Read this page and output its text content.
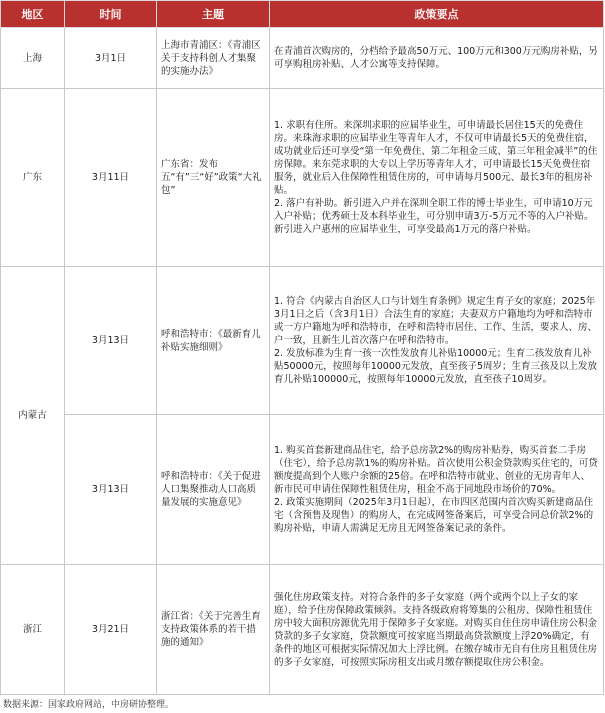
地区	时间	主题	政策要点
上海	3月1日	上海市青浦区：《青浦区关于支持科创人才集聚的实施办法》	在青浦首次购房的，分档给予最高50万元、100万元和300万元购房补贴，另可享购租房补贴、人才公寓等支持保障。

广东	3月11日	广东省：发布五“有”三“好”政策“大礼包”	1. 求职有住所。来深圳求职的应届毕业生，可申请最长居住15天的免费住房。来珠海求职的应届毕业生等青年人才，不仅可申请最长5天的免费住宿，成功就业后还可享受“第一年免费住、第二年租金三成、第三年租金减半”的住房保障。来东莞求职的大专以上学历等青年人才，可申请最长15天免费住宿服务，就业后入住保障性租赁住房的，可申请每月500元、最长3年的租房补贴。
2. 落户有补助。新引进入户并在深圳全职工作的博士毕业生，可申请10万元入户补贴；优秀硕士及本科毕业生，可分别申请3万-5万元不等的入户补贴。新引进入户惠州的应届毕业生，可享受最高1万元的落户补贴。

内蒙古	3月13日	呼和浩特市：《最新育儿补贴实施细则》	1. 符合《内蒙古自治区人口与计划生育条例》规定生育子女的家庭；2025年3月1日之后（含3月1日）合法生育的家庭；夫妻双方户籍地均为呼和浩特市或一方户籍地为呼和浩特市，在呼和浩特市居住、工作、生活，要求人、房、户一致，且新生儿首次落户在呼和浩特市。
2. 发放标准为生育一孩一次性发放育儿补贴10000元；生育二孩发放育儿补贴50000元，按照每年10000元发放，直至孩子5周岁；生育三孩及以上发放育儿补贴100000元，按照每年10000元发放，直至孩子10周岁。

	3月13日	呼和浩特市：《关于促进人口集聚推动人口高质量发展的实施意见》	1. 购买首套新建商品住宅，给予总房款2%的购房补贴券，购买首套二手房（住宅），给予总房款1%的购房补贴。首次使用公积金贷款购买住宅的，可贷额度提高到个人账户余额的25倍。在呼和浩特市就业、创业的无房青年人、新市民可申请住保障性租赁住房，租金不高于同地段市场价的70%。
2. 政策实施期间（2025年3月1日起），在市四区范围内首次购买新建商品住宅（含预售及现售）的购房人，在完成网签备案后，可享受合同总价款2%的购房补贴，申请人需满足无房且无网签备案记录的条件。

浙江	3月21日	浙江省：《关于完善生育支持政策体系的若干措施的通知》	强化住房政策支持。对符合条件的多子女家庭（两个或两个以上子女的家庭），给予住房保障政策倾斜。支持各级政府将筹集的公租房、保障性租赁住房中较大面积房源优先用于保障多子女家庭。对购买自住住房申请住房公积金贷款的多子女家庭，贷款额度可按家庭当期最高贷款额度上浮20%确定，有条件的地区可根据实际情况加大上浮比例。在缴存城市无自有住房且租赁住房的多子女家庭，可按照实际房租支出或月缴存额提取住房公积金。
数据来源：国家政府网站，中房研协整理。
